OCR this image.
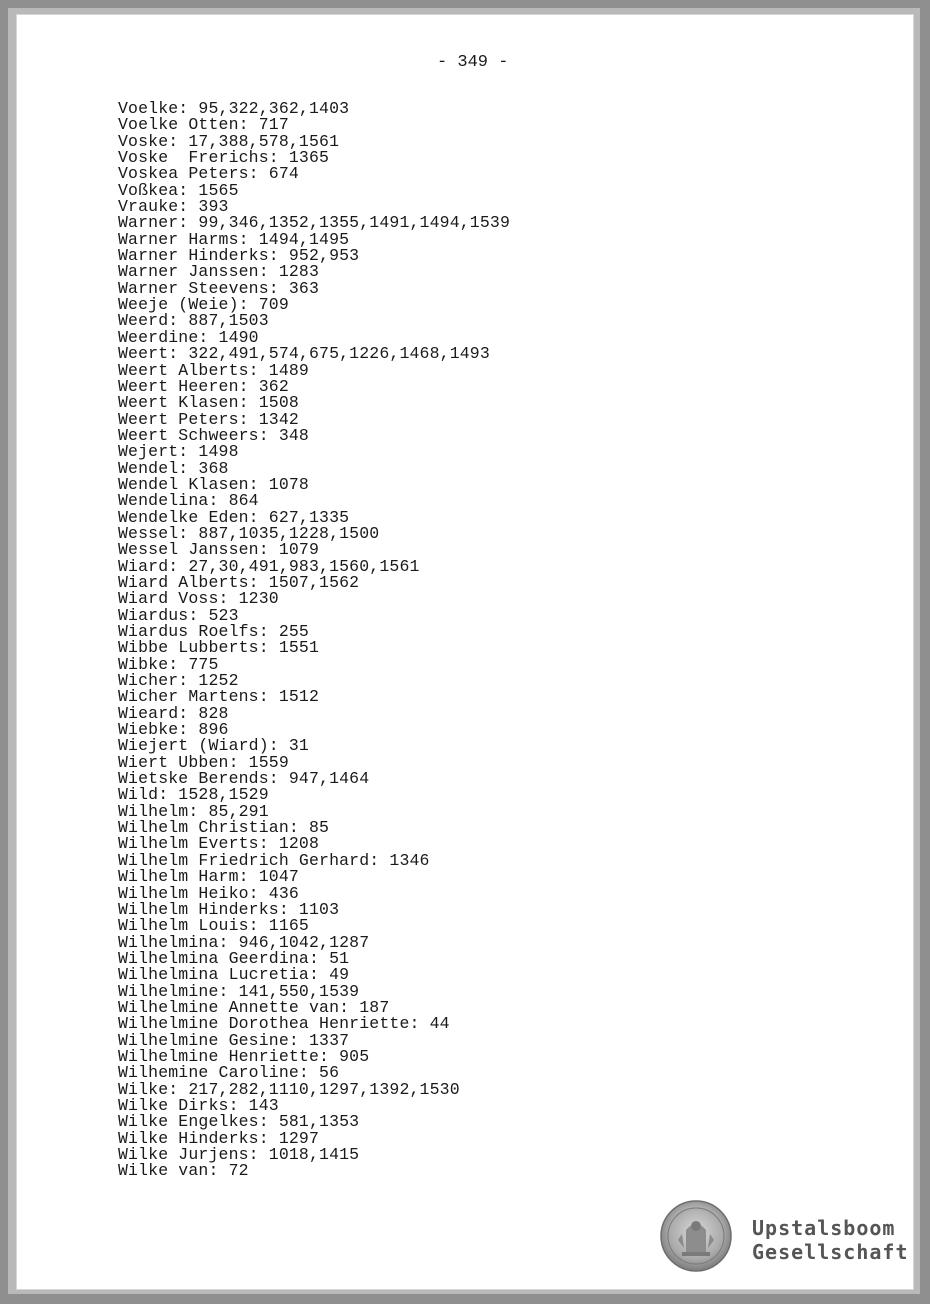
- 349 -
Voelke: 95,322,362,1403
Voelke Otten: 717
Voske: 17,388,578,1561
Voske  Frerichs: 1365
Voskea Peters: 674
Voßkea: 1565
Vrauke: 393
Warner: 99,346,1352,1355,1491,1494,1539
Warner Harms: 1494,1495
Warner Hinderks: 952,953
Warner Janssen: 1283
Warner Steevens: 363
Weeje (Weie): 709
Weerd: 887,1503
Weerdine: 1490
Weert: 322,491,574,675,1226,1468,1493
Weert Alberts: 1489
Weert Heeren: 362
Weert Klasen: 1508
Weert Peters: 1342
Weert Schweers: 348
Wejert: 1498
Wendel: 368
Wendel Klasen: 1078
Wendelina: 864
Wendelke Eden: 627,1335
Wessel: 887,1035,1228,1500
Wessel Janssen: 1079
Wiard: 27,30,491,983,1560,1561
Wiard Alberts: 1507,1562
Wiard Voss: 1230
Wiardus: 523
Wiardus Roelfs: 255
Wibbe Lubberts: 1551
Wibke: 775
Wicher: 1252
Wicher Martens: 1512
Wieard: 828
Wiebke: 896
Wiejert (Wiard): 31
Wiert Ubben: 1559
Wietske Berends: 947,1464
Wild: 1528,1529
Wilhelm: 85,291
Wilhelm Christian: 85
Wilhelm Everts: 1208
Wilhelm Friedrich Gerhard: 1346
Wilhelm Harm: 1047
Wilhelm Heiko: 436
Wilhelm Hinderks: 1103
Wilhelm Louis: 1165
Wilhelmina: 946,1042,1287
Wilhelmina Geerdina: 51
Wilhelmina Lucretia: 49
Wilhelmine: 141,550,1539
Wilhelmine Annette van: 187
Wilhelmine Dorothea Henriette: 44
Wilhelmine Gesine: 1337
Wilhelmine Henriette: 905
Wilhemine Caroline: 56
Wilke: 217,282,1110,1297,1392,1530
Wilke Dirks: 143
Wilke Engelkes: 581,1353
Wilke Hinderks: 1297
Wilke Jurjens: 1018,1415
Wilke van: 72
Upstalsboom
Gesellschaft
